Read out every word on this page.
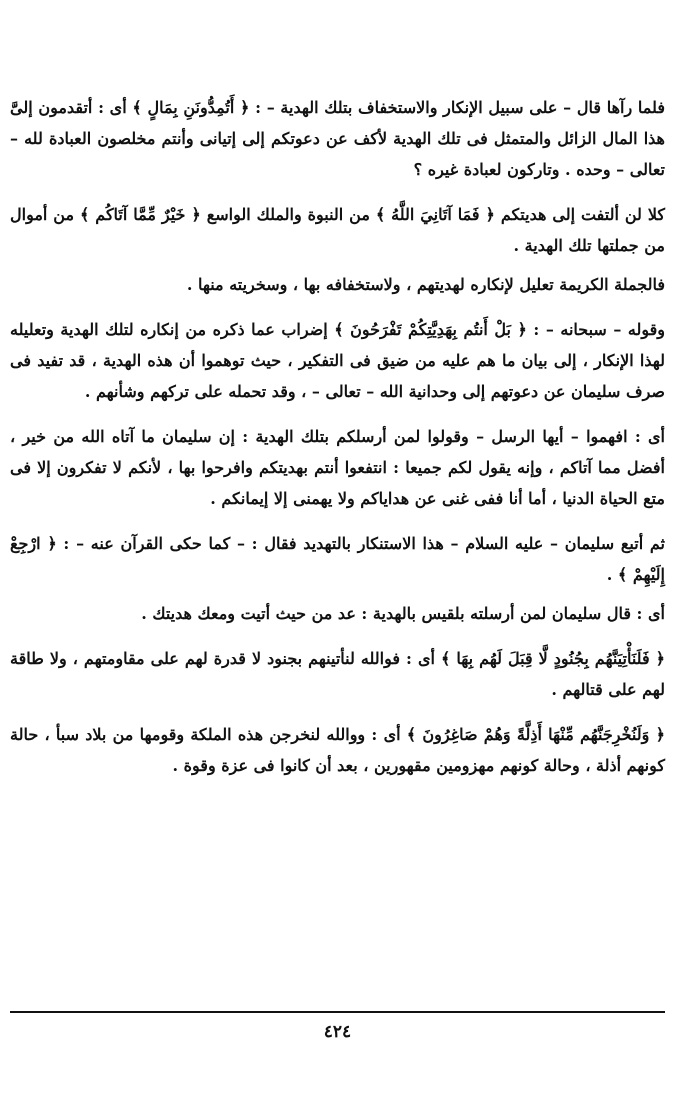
فلما رآها قال – على سبيل الإنكار والاستخفاف بتلك الهدية – : ﴿ أَتُمِدُّونَنِ بِمَالٍ ﴾ أى : أتقدمون إلىَّ هذا المال الزائل والمتمثل فى تلك الهدية لأكف عن دعوتكم إلى إتيانى وأنتم مخلصون العبادة لله – تعالى – وحده . وتاركون لعبادة غيره ؟

كلا لن ألتفت إلى هديتكم ﴿ فَمَا آتَانِيَ اللَّهُ ﴾ من النبوة والملك الواسع ﴿ خَيْرٌ مِّمَّا آتَاكُم ﴾ من أموال من جملتها تلك الهدية .

فالجملة الكريمة تعليل لإنكاره لهديتهم ، ولاستخفافه بها ، وسخريته منها .

وقوله – سبحانه – : ﴿ بَلْ أَنتُم بِهَدِيَّتِكُمْ تَفْرَحُونَ ﴾ إضراب عما ذكره من إنكاره لتلك الهدية وتعليله لهذا الإنكار ، إلى بيان ما هم عليه من ضيق فى التفكير ، حيث توهموا أن هذه الهدية ، قد تفيد فى صرف سليمان عن دعوتهم إلى وحدانية الله – تعالى – ، وقد تحمله على تركهم وشأنهم .

أى : افهموا – أيها الرسل – وقولوا لمن أرسلكم بتلك الهدية : إن سليمان ما آتاه الله من خير ، أفضل مما آتاكم ، وإنه يقول لكم جميعا : انتفعوا أنتم بهديتكم وافرحوا بها ، لأنكم لا تفكرون إلا فى متع الحياة الدنيا ، أما أنا ففى غنى عن هداياكم ولا يهمنى إلا إيمانكم .

ثم أتبع سليمان – عليه السلام – هذا الاستنكار بالتهديد فقال : – كما حكى القرآن عنه – : ﴿ ارْجِعْ إِلَيْهِمْ ﴾ .

أى : قال سليمان لمن أرسلته بلقيس بالهدية : عد من حيث أتيت ومعك هديتك .

﴿ فَلَنَأْتِيَنَّهُم بِجُنُودٍ لَّا قِبَلَ لَهُم بِهَا ﴾ أى : فوالله لنأتينهم بجنود لا قدرة لهم على مقاومتهم ، ولا طاقة لهم على قتالهم .

﴿ وَلَنُخْرِجَنَّهُم مِّنْهَا أَذِلَّةً وَهُمْ صَاغِرُونَ ﴾ أى : ووالله لنخرجن هذه الملكة وقومها من بلاد سبأ ، حالة كونهم أذلة ، وحالة كونهم مهزومين مقهورين ، بعد أن كانوا فى عزة وقوة .

٤٢٤
